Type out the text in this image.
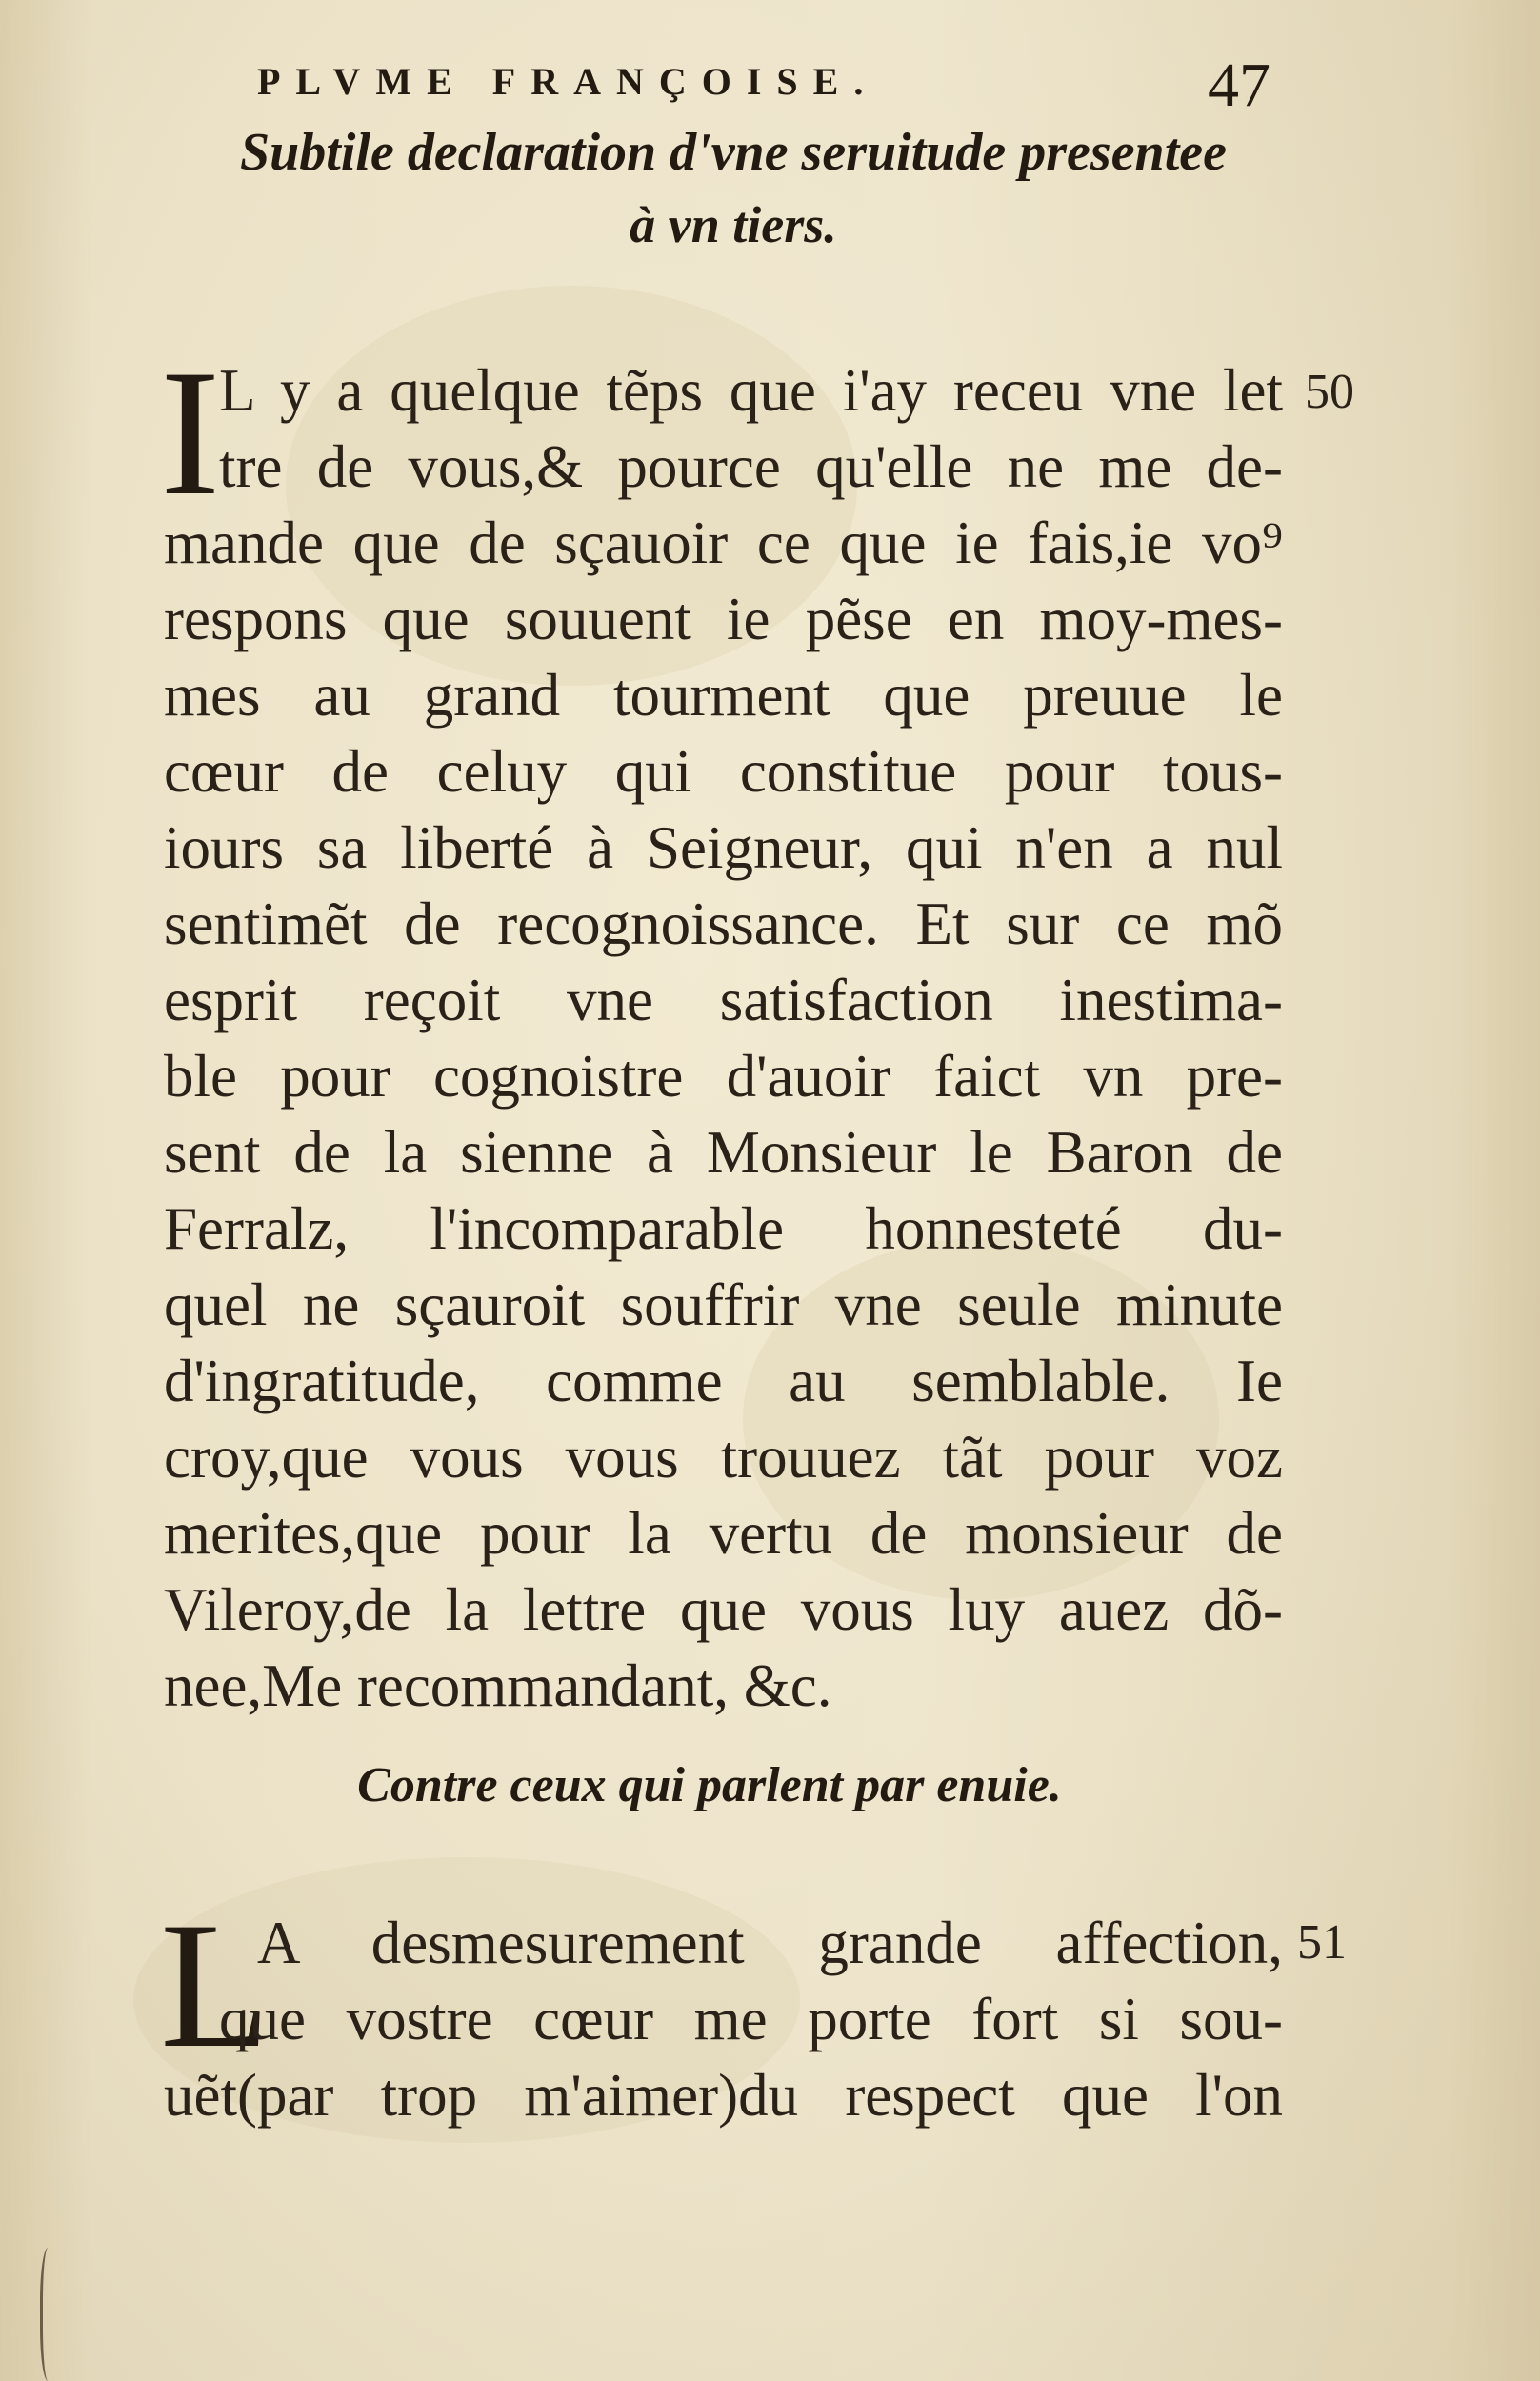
PLVME FRANÇOISE.	47
Subtile declaration d'vne seruitude presentee
à vn tiers.
50
I
L y a quelque tẽps que i'ay receu vne let
tre de vous,& pource qu'elle ne me de-
mande que de sçauoir ce que ie fais,ie vo⁹
respons que souuent ie pẽse en moy-mes-
mes au grand tourment que preuue le
cœur de celuy qui constitue pour tous-
iours sa liberté à Seigneur, qui n'en a nul
sentimẽt de recognoissance. Et sur ce mõ
esprit reçoit vne satisfaction inestima-
ble pour cognoistre d'auoir faict vn pre-
sent de la sienne à Monsieur le Baron de
Ferralz, l'incomparable honnesteté du-
quel ne sçauroit souffrir vne seule minute
d'ingratitude, comme au semblable. Ie
croy,que vous vous trouuez tãt pour voz
merites,que pour la vertu de monsieur de
Vileroy,de la lettre que vous luy auez dõ-
nee,Me recommandant, &c.
Contre ceux qui parlent par enuie.
51
L
A desmesurement grande affection,
que vostre cœur me porte fort si sou-
uẽt(par trop m'aimer)du respect que l'on
